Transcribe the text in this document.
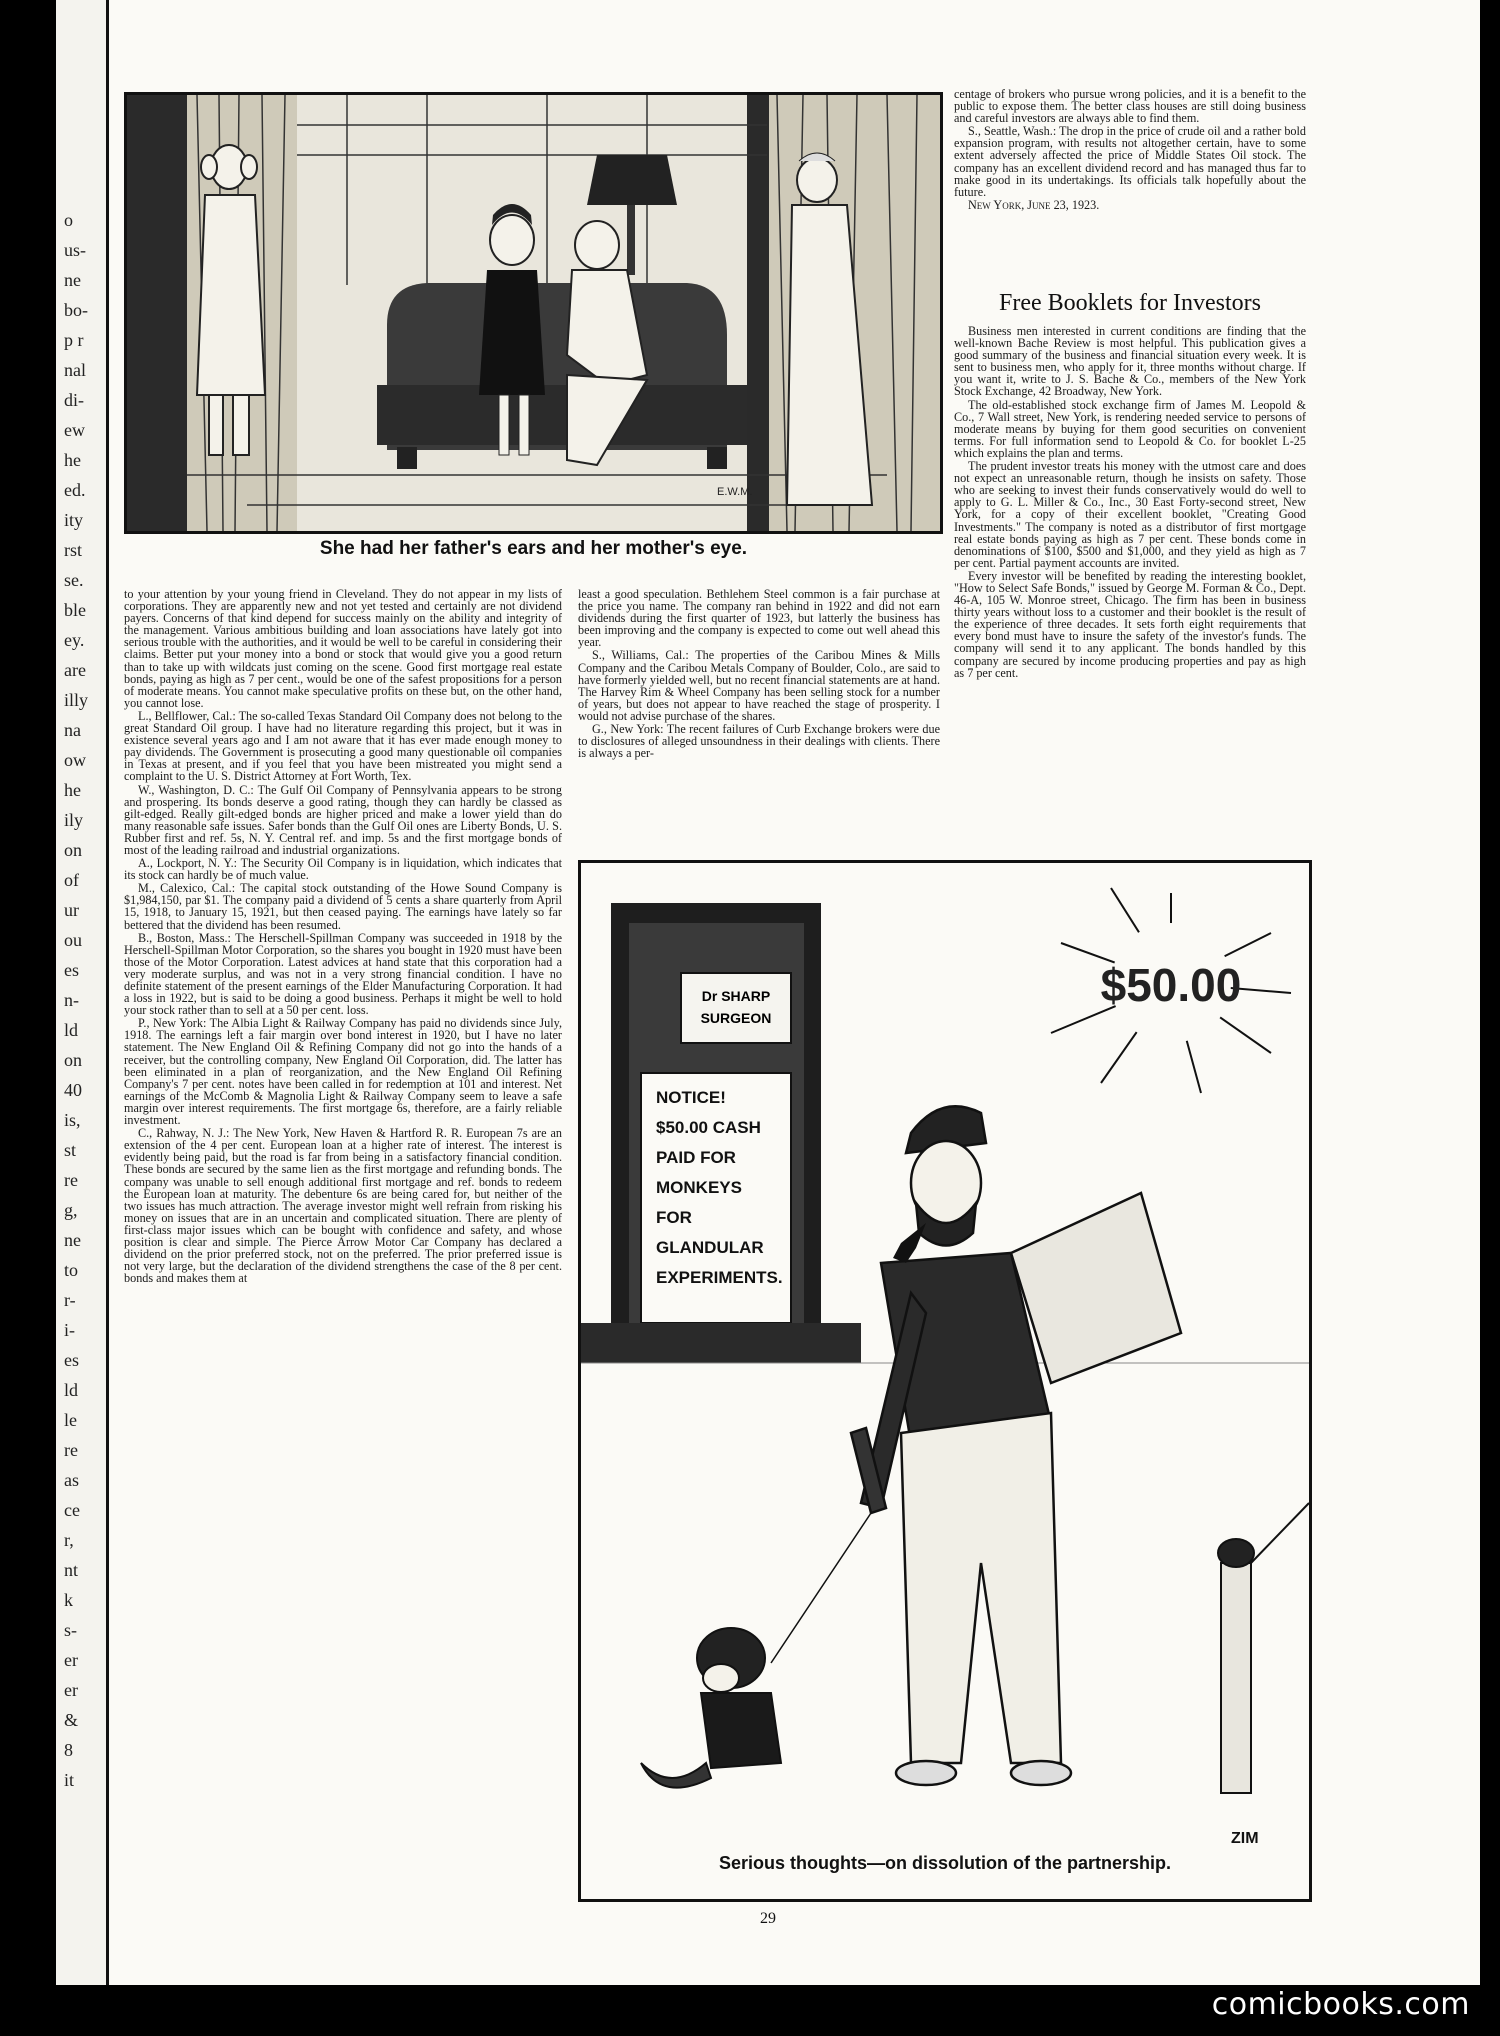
o
us-
ne
bo-
p r
nal
di-
ew
he
ed.
ity
rst
se.
ble
ey.
are
illy
na
ow
he
ily
on
of
ur
ou
es
n-
ld
on
40
is,
st
re
g,
ne
to
r-
i-
es
ld
le
re
as
ce
r,
nt
k
s-
er
er
&
8
it
E.W.M.
She had her father's ears and her mother's eye.

centage of brokers who pursue wrong policies, and it is a benefit to the public to expose them. The better class houses are still doing business and careful investors are always able to find them.

S., Seattle, Wash.: The drop in the price of crude oil and a rather bold expansion program, with results not altogether certain, have to some extent adversely affected the price of Middle States Oil stock. The company has an excellent dividend record and has managed thus far to make good in its undertakings. Its officials talk hopefully about the future.

New York, June 23, 1923.

Free Booklets for Investors

Business men interested in current conditions are finding that the well-known Bache Review is most helpful. This publication gives a good summary of the business and financial situation every week. It is sent to business men, who apply for it, three months without charge. If you want it, write to J. S. Bache & Co., members of the New York Stock Exchange, 42 Broadway, New York.

The old-established stock exchange firm of James M. Leopold & Co., 7 Wall street, New York, is rendering needed service to persons of moderate means by buying for them good securities on convenient terms. For full information send to Leopold & Co. for booklet L-25 which explains the plan and terms.

The prudent investor treats his money with the utmost care and does not expect an unreasonable return, though he insists on safety. Those who are seeking to invest their funds conservatively would do well to apply to G. L. Miller & Co., Inc., 30 East Forty-second street, New York, for a copy of their excellent booklet, "Creating Good Investments." The company is noted as a distributor of first mortgage real estate bonds paying as high as 7 per cent. These bonds come in denominations of $100, $500 and $1,000, and they yield as high as 7 per cent. Partial payment accounts are invited.

Every investor will be benefited by reading the interesting booklet, "How to Select Safe Bonds," issued by George M. Forman & Co., Dept. 46-A, 105 W. Monroe street, Chicago. The firm has been in business thirty years without loss to a customer and their booklet is the result of the experience of three decades. It sets forth eight requirements that every bond must have to insure the safety of the investor's funds. The company will send it to any applicant. The bonds handled by this company are secured by income producing properties and pay as high as 7 per cent.

to your attention by your young friend in Cleveland. They do not appear in my lists of corporations. They are apparently new and not yet tested and certainly are not dividend payers. Concerns of that kind depend for success mainly on the ability and integrity of the management. Various ambitious building and loan associations have lately got into serious trouble with the authorities, and it would be well to be careful in considering their claims. Better put your money into a bond or stock that would give you a good return than to take up with wildcats just coming on the scene. Good first mortgage real estate bonds, paying as high as 7 per cent., would be one of the safest propositions for a person of moderate means. You cannot make speculative profits on these but, on the other hand, you cannot lose.

L., Bellflower, Cal.: The so-called Texas Standard Oil Company does not belong to the great Standard Oil group. I have had no literature regarding this project, but it was in existence several years ago and I am not aware that it has ever made enough money to pay dividends. The Government is prosecuting a good many questionable oil companies in Texas at present, and if you feel that you have been mistreated you might send a complaint to the U. S. District Attorney at Fort Worth, Tex.

W., Washington, D. C.: The Gulf Oil Company of Pennsylvania appears to be strong and prospering. Its bonds deserve a good rating, though they can hardly be classed as gilt-edged. Really gilt-edged bonds are higher priced and make a lower yield than do many reasonable safe issues. Safer bonds than the Gulf Oil ones are Liberty Bonds, U. S. Rubber first and ref. 5s, N. Y. Central ref. and imp. 5s and the first mortgage bonds of most of the leading railroad and industrial organizations.

A., Lockport, N. Y.: The Security Oil Company is in liquidation, which indicates that its stock can hardly be of much value.

M., Calexico, Cal.: The capital stock outstanding of the Howe Sound Company is $1,984,150, par $1. The company paid a dividend of 5 cents a share quarterly from April 15, 1918, to January 15, 1921, but then ceased paying. The earnings have lately so far bettered that the dividend has been resumed.

B., Boston, Mass.: The Herschell-Spillman Company was succeeded in 1918 by the Herschell-Spillman Motor Corporation, so the shares you bought in 1920 must have been those of the Motor Corporation. Latest advices at hand state that this corporation had a very moderate surplus, and was not in a very strong financial condition. I have no definite statement of the present earnings of the Elder Manufacturing Corporation. It had a loss in 1922, but is said to be doing a good business. Perhaps it might be well to hold your stock rather than to sell at a 50 per cent. loss.

P., New York: The Albia Light & Railway Company has paid no dividends since July, 1918. The earnings left a fair margin over bond interest in 1920, but I have no later statement. The New England Oil & Refining Company did not go into the hands of a receiver, but the controlling company, New England Oil Corporation, did. The latter has been eliminated in a plan of reorganization, and the New England Oil Refining Company's 7 per cent. notes have been called in for redemption at 101 and interest. Net earnings of the McComb & Magnolia Light & Railway Company seem to leave a safe margin over interest requirements. The first mortgage 6s, therefore, are a fairly reliable investment.

C., Rahway, N. J.: The New York, New Haven & Hartford R. R. European 7s are an extension of the 4 per cent. European loan at a higher rate of interest. The interest is evidently being paid, but the road is far from being in a satisfactory financial condition. These bonds are secured by the same lien as the first mortgage and refunding bonds. The company was unable to sell enough additional first mortgage and ref. bonds to redeem the European loan at maturity. The debenture 6s are being cared for, but neither of the two issues has much attraction. The average investor might well refrain from risking his money on issues that are in an uncertain and complicated situation. There are plenty of first-class major issues which can be bought with confidence and safety, and whose position is clear and simple. The Pierce Arrow Motor Car Company has declared a dividend on the prior preferred stock, not on the preferred. The prior preferred issue is not very large, but the declaration of the dividend strengthens the case of the 8 per cent. bonds and makes them at

least a good speculation. Bethlehem Steel common is a fair purchase at the price you name. The company ran behind in 1922 and did not earn dividends during the first quarter of 1923, but latterly the business has been improving and the company is expected to come out well ahead this year.

S., Williams, Cal.: The properties of the Caribou Mines & Mills Company and the Caribou Metals Company of Boulder, Colo., are said to have formerly yielded well, but no recent financial statements are at hand. The Harvey Rim & Wheel Company has been selling stock for a number of years, but does not appear to have reached the stage of prosperity. I would not advise purchase of the shares.

G., New York: The recent failures of Curb Exchange brokers were due to disclosures of alleged unsoundness in their dealings with clients. There is always a per-

Dr SHARP
SURGEON
NOTICE!
$50.00 CASH
PAID FOR
MONKEYS
FOR
GLANDULAR
EXPERIMENTS.
$50.00
ZIM
Serious thoughts—on dissolution of the partnership.
29
comicbooks.com
